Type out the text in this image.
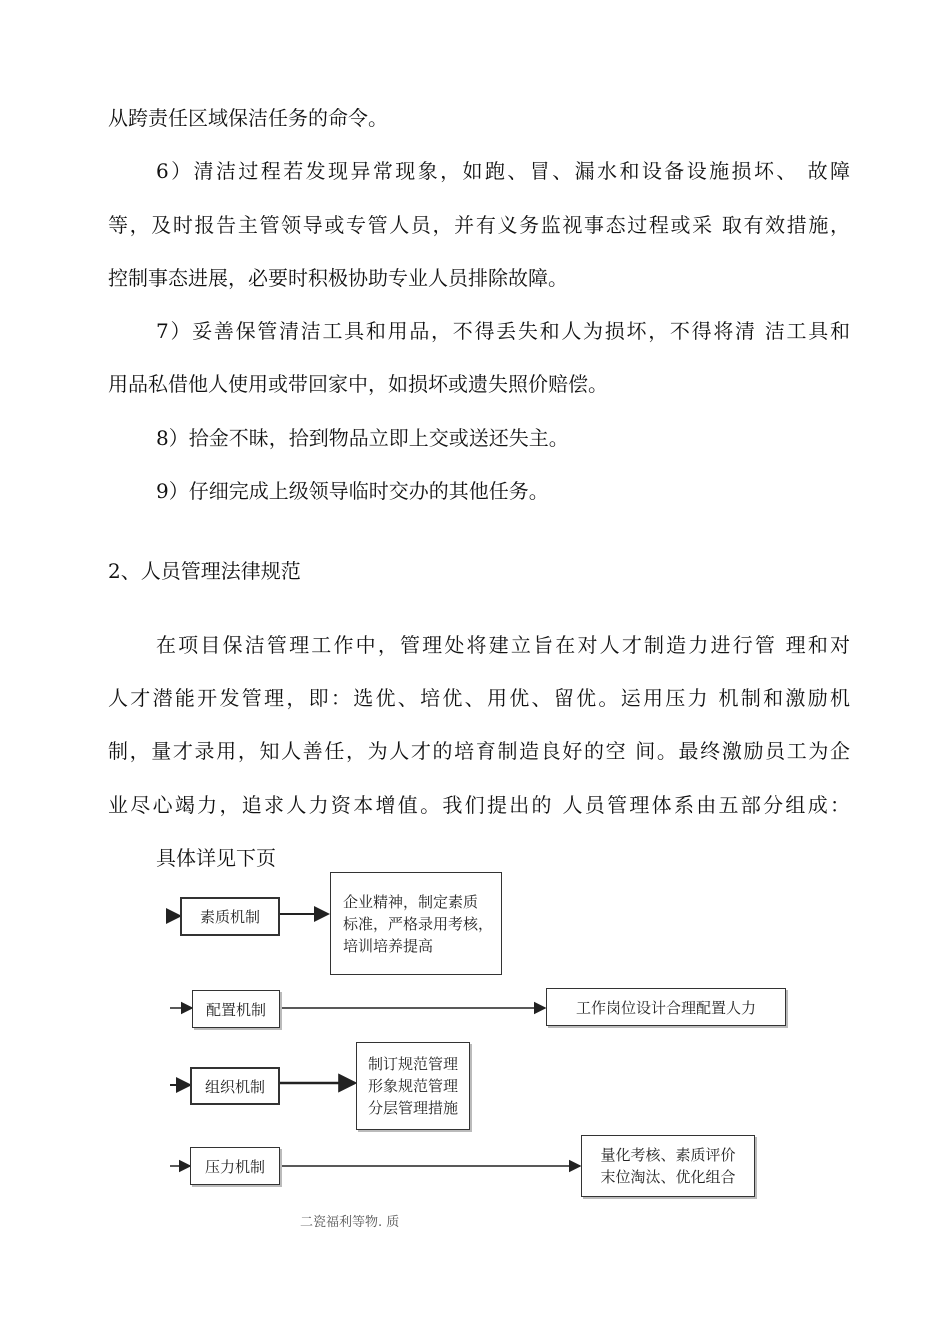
从跨责任区域保洁任务的命令。
6）清洁过程若发现异常现象，如跑、冒、漏水和设备设施损坏、 故障
等，及时报告主管领导或专管人员，并有义务监视事态过程或采 取有效措施，
控制事态进展，必要时积极协助专业人员排除故障。
7）妥善保管清洁工具和用品，不得丢失和人为损坏，不得将清 洁工具和
用品私借他人使用或带回家中，如损坏或遗失照价赔偿。
8）拾金不昧，拾到物品立即上交或送还失主。
9）仔细完成上级领导临时交办的其他任务。
2、人员管理法律规范
在项目保洁管理工作中，管理处将建立旨在对人才制造力进行管 理和对
人才潜能开发管理，即：选优、培优、用优、留优。运用压力 机制和激励机
制，量才录用，知人善任，为人才的培育制造良好的空 间。最终激励员工为企
业尽心竭力，追求人力资本增值。我们提出的 人员管理体系由五部分组成：
具体详见下页
素质机制
企业精神，制定素质
标准，严格录用考核，
培训培养提高
配置机制	工作岗位设计合理配置人力
组织机制
制订规范管理
形象规范管理
分层管理措施
压力机制
量化考核、素质评价
末位淘汰、优化组合
二瓷福利等物. 质
